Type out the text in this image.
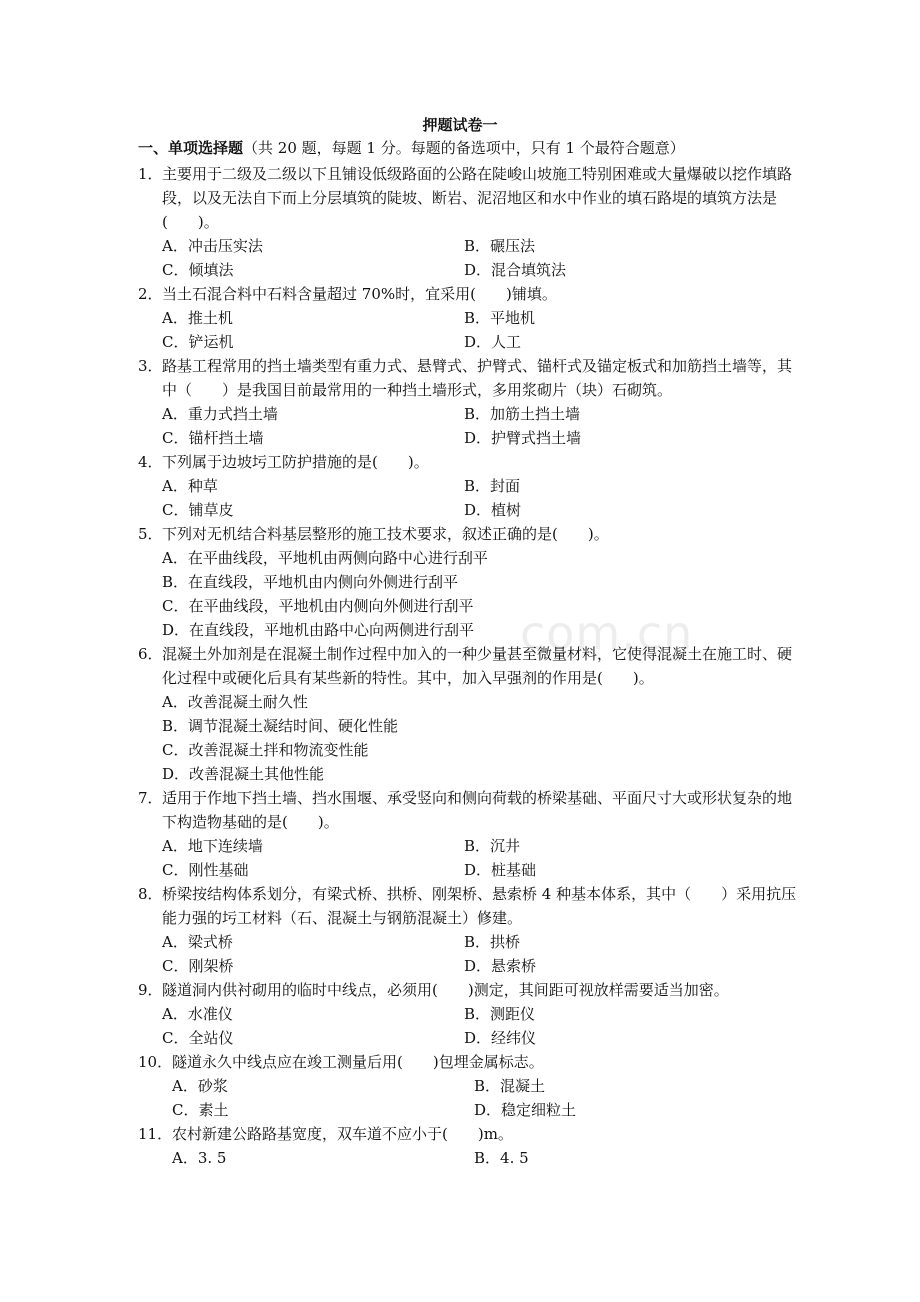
com.cn
押题试卷一
一、单项选择题（共 20 题，每题 1 分。每题的备选项中，只有 1 个最符合题意）
1． 主要用于二级及二级以下且铺设低级路面的公路在陡峻山坡施工特别困难或大量爆破以挖作填路段，以及无法自下而上分层填筑的陡坡、断岩、泥沼地区和水中作业的填石路堤的填筑方法是(　　)。
A．冲击压实法	B．碾压法
C．倾填法	D．混合填筑法
2． 当土石混合料中石料含量超过 70%时，宜采用(　　)铺填。
A．推土机	B．平地机
C．铲运机	D．人工
3． 路基工程常用的挡土墙类型有重力式、悬臂式、护臂式、锚杆式及锚定板式和加筋挡土墙等，其中（　　）是我国目前最常用的一种挡土墙形式，多用浆砌片（块）石砌筑。
A．重力式挡土墙	B．加筋土挡土墙
C．锚杆挡土墙	D．护臂式挡土墙
4． 下列属于边坡圬工防护措施的是(　　)。
A．种草	B．封面
C．铺草皮	D．植树
5． 下列对无机结合料基层整形的施工技术要求，叙述正确的是(　　)。
A．在平曲线段，平地机由两侧向路中心进行刮平
B．在直线段，平地机由内侧向外侧进行刮平
C．在平曲线段，平地机由内侧向外侧进行刮平
D．在直线段，平地机由路中心向两侧进行刮平
6． 混凝土外加剂是在混凝土制作过程中加入的一种少量甚至微量材料，它使得混凝土在施工时、硬化过程中或硬化后具有某些新的特性。其中，加入早强剂的作用是(　　)。
A．改善混凝土耐久性
B．调节混凝土凝结时间、硬化性能
C．改善混凝土拌和物流变性能
D．改善混凝土其他性能
7． 适用于作地下挡土墙、挡水围堰、承受竖向和侧向荷载的桥梁基础、平面尺寸大或形状复杂的地下构造物基础的是(　　)。
A．地下连续墙	B．沉井
C．刚性基础	D．桩基础
8． 桥梁按结构体系划分，有梁式桥、拱桥、刚架桥、悬索桥 4 种基本体系，其中（　　）采用抗压能力强的圬工材料（石、混凝土与钢筋混凝土）修建。
A．梁式桥	B．拱桥
C．刚架桥	D．悬索桥
9． 隧道洞内供衬砌用的临时中线点，必须用(　　)测定，其间距可视放样需要适当加密。
A．水准仪	B．测距仪
C．全站仪	D．经纬仪
10． 隧道永久中线点应在竣工测量后用(　　)包埋金属标志。
A．砂浆	B．混凝土
C．素土	D．稳定细粒土
11． 农村新建公路路基宽度，双车道不应小于(　　)m。
A．3. 5	B．4. 5
